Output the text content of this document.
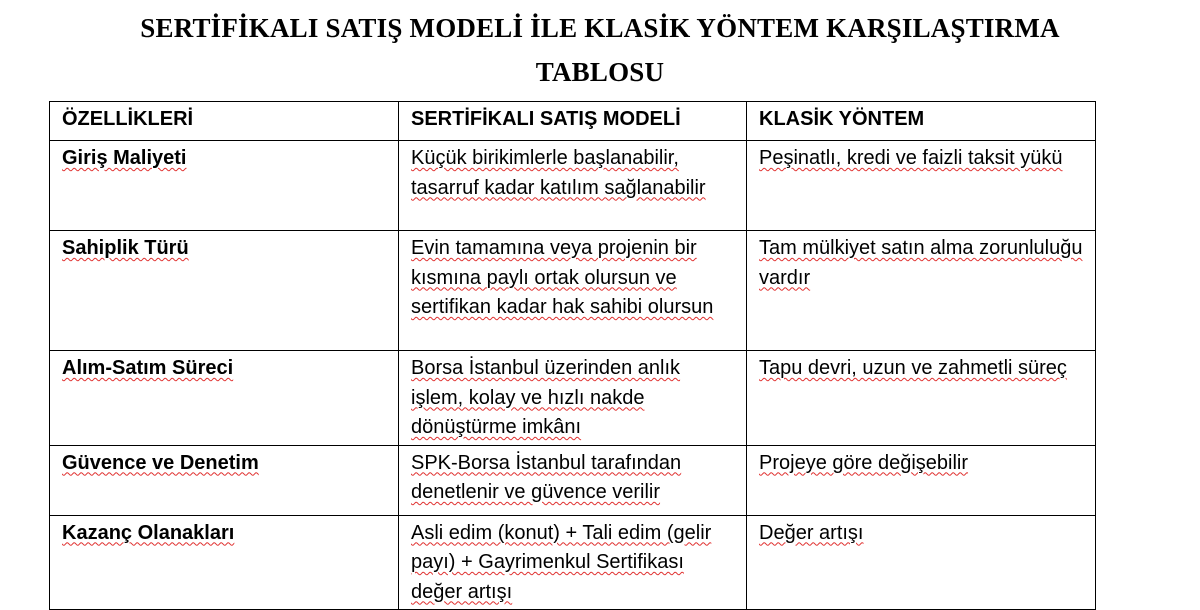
SERTİFİKALI SATIŞ MODELİ İLE KLASİK YÖNTEM KARŞILAŞTIRMA
TABLOSU
ÖZELLİKLERİ	SERTİFİKALI SATIŞ MODELİ	KLASİK YÖNTEM
Giriş Maliyeti	Küçük birikimlerle başlanabilir, tasarruf kadar katılım sağlanabilir	Peşinatlı, kredi ve faizli taksit yükü
Sahiplik Türü	Evin tamamına veya projenin bir kısmına paylı ortak olursun ve sertifikan kadar hak sahibi olursun	Tam mülkiyet satın alma zorunluluğu vardır
Alım-Satım Süreci	Borsa İstanbul üzerinden anlık işlem, kolay ve hızlı nakde dönüştürme imkânı	Tapu devri, uzun ve zahmetli süreç
Güvence ve Denetim	SPK-Borsa İstanbul tarafından denetlenir ve güvence verilir	Projeye göre değişebilir
Kazanç Olanakları	Asli edim (konut) + Tali edim (gelir payı) + Gayrimenkul Sertifikası değer artışı	Değer artışı
